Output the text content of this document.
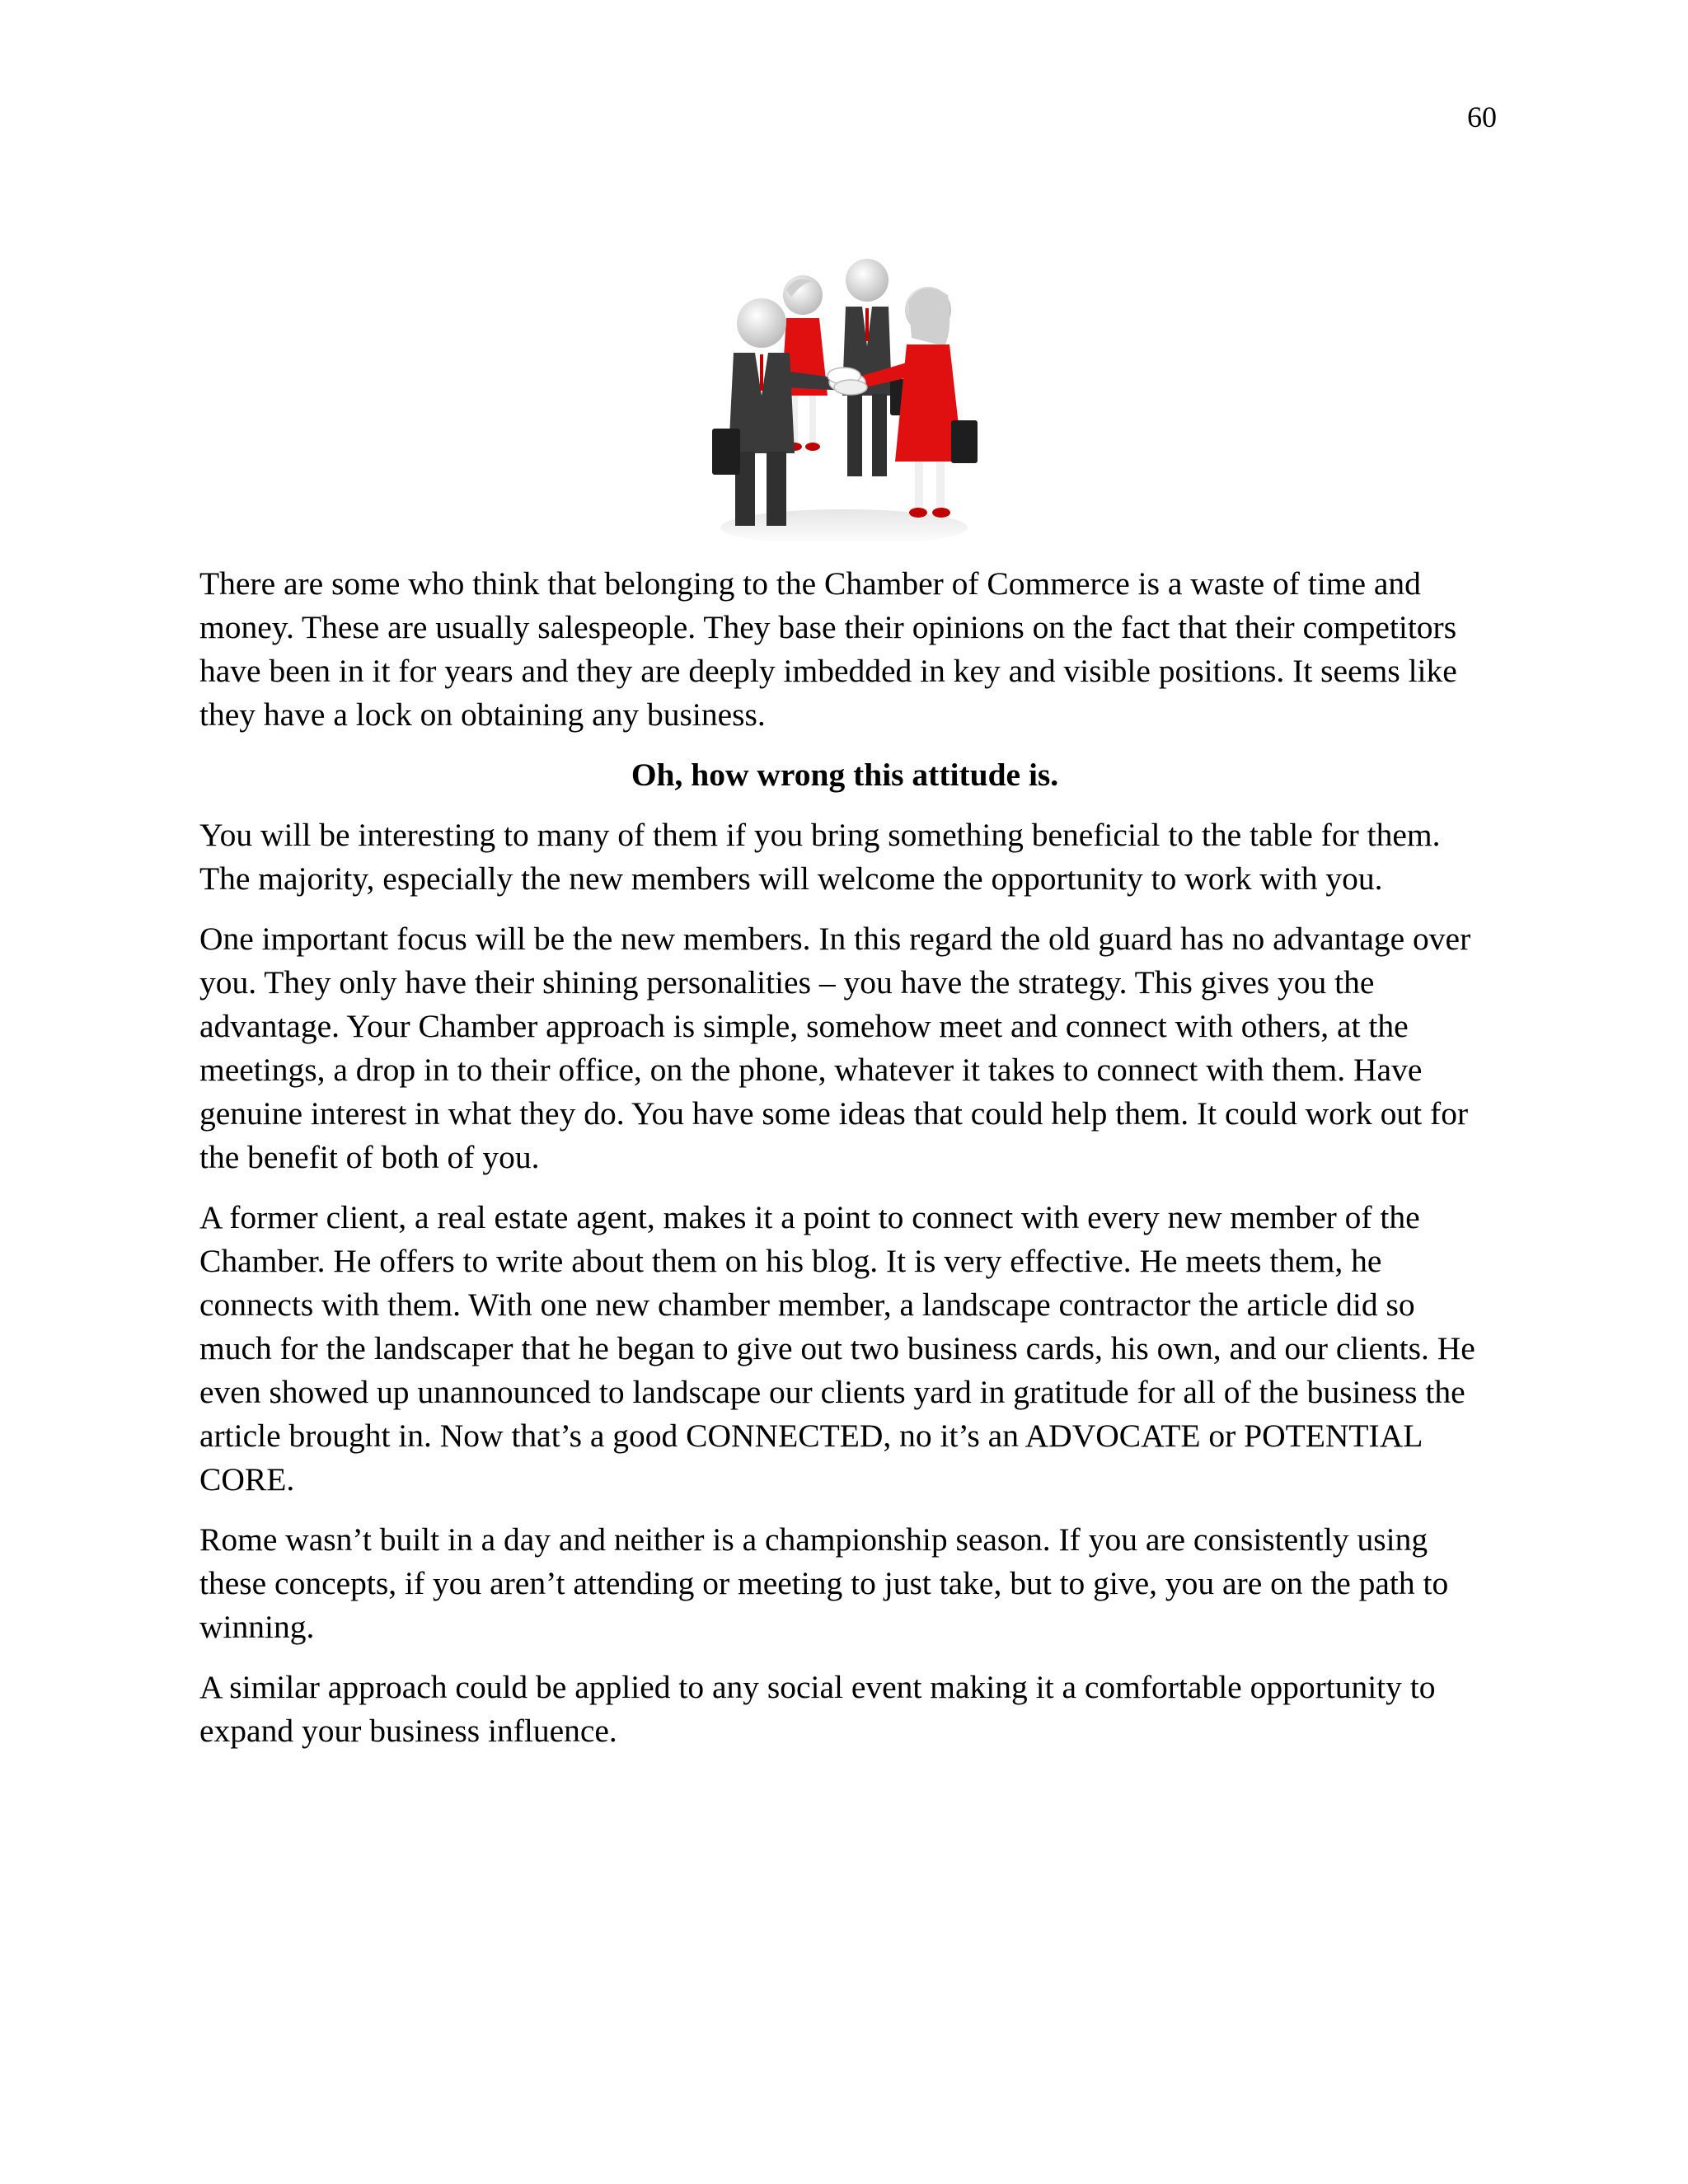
60

There are some who think that belonging to the Chamber of Commerce is a waste of time and money. These are usually salespeople. They base their opinions on the fact that their competitors have been in it for years and they are deeply imbedded in key and visible positions. It seems like they have a lock on obtaining any business.

Oh, how wrong this attitude is.

You will be interesting to many of them if you bring something beneficial to the table for them. The majority, especially the new members will welcome the opportunity to work with you.

One important focus will be the new members. In this regard the old guard has no advantage over you. They only have their shining personalities – you have the strategy. This gives you the advantage. Your Chamber approach is simple, somehow meet and connect with others, at the meetings, a drop in to their office, on the phone, whatever it takes to connect with them. Have genuine interest in what they do. You have some ideas that could help them. It could work out for the benefit of both of you.

A former client, a real estate agent, makes it a point to connect with every new member of the Chamber. He offers to write about them on his blog. It is very effective. He meets them, he connects with them. With one new chamber member, a landscape contractor the article did so much for the landscaper that he began to give out two business cards, his own, and our clients. He even showed up unannounced to landscape our clients yard in gratitude for all of the business the article brought in. Now that’s a good CONNECTED, no it’s an ADVOCATE or POTENTIAL CORE.

Rome wasn’t built in a day and neither is a championship season. If you are consistently using these concepts, if you aren’t attending or meeting to just take, but to give, you are on the path to winning.

A similar approach could be applied to any social event making it a comfortable opportunity to expand your business influence.
